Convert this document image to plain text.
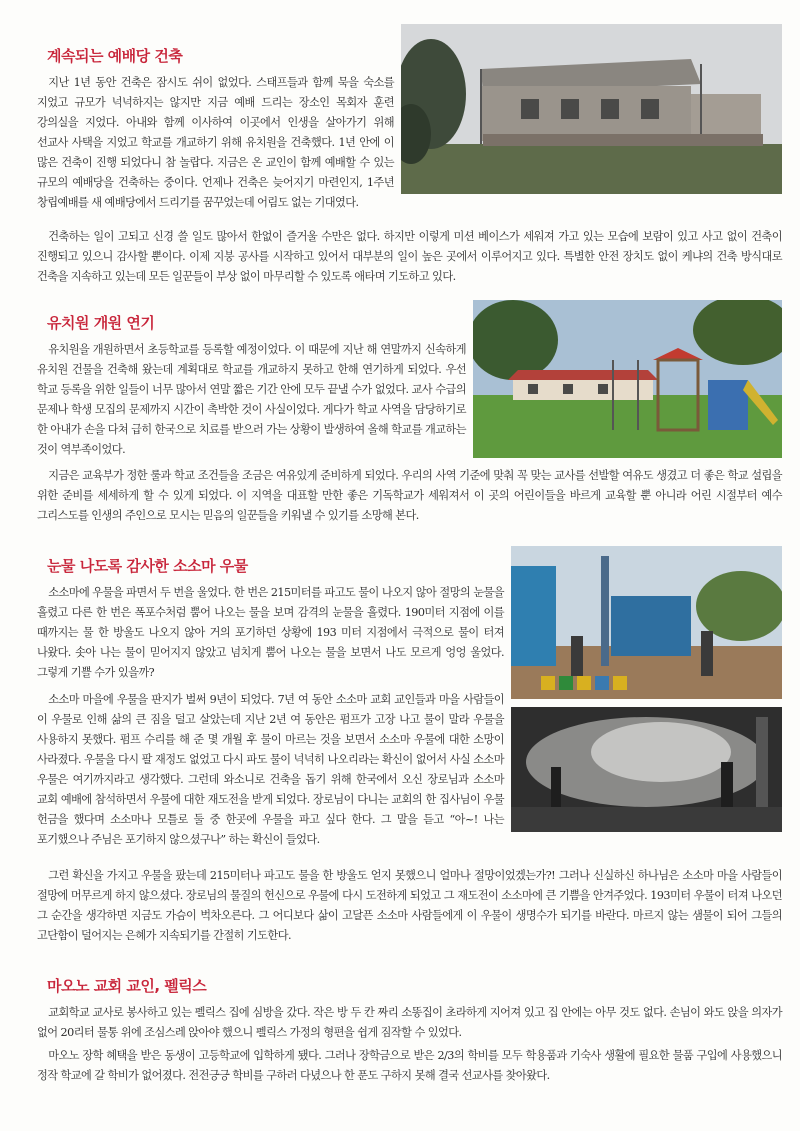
계속되는 예배당 건축

지난 1년 동안 건축은 잠시도 쉬이 없었다. 스태프들과 함께 묵을 숙소를 지었고 규모가 넉넉하지는 않지만 지금 예배 드리는 장소인 목회자 훈련 강의실을 지었다. 아내와 함께 이사하여 이곳에서 인생을 살아가기 위해 선교사 사택을 지었고 학교를 개교하기 위해 유치원을 건축했다. 1년 안에 이 많은 건축이 진행 되었다니 참 놀랍다. 지금은 온 교인이 함께 예배할 수 있는 규모의 예배당을 건축하는 중이다. 언제나 건축은 늦어지기 마련인지, 1주년 창립예배를 새 예배당에서 드리기를 꿈꾸었는데 어림도 없는 기대였다.

건축하는 일이 고되고 신경 쓸 일도 많아서 한없이 즐거울 수만은 없다. 하지만 이렇게 미션 베이스가 세워져 가고 있는 모습에 보람이 있고 사고 없이 건축이 진행되고 있으니 감사할 뿐이다. 이제 지붕 공사를 시작하고 있어서 대부분의 일이 높은 곳에서 이루어지고 있다. 특별한 안전 장치도 없이 케냐의 건축 방식대로 건축을 지속하고 있는데 모든 일꾼들이 부상 없이 마무리할 수 있도록 애타며 기도하고 있다.

유치원 개원 연기

유치원을 개원하면서 초등학교를 등록할 예정이었다. 이 때문에 지난 해 연말까지 신속하게 유치원 건물을 건축해 왔는데 계획대로 학교를 개교하지 못하고 한해 연기하게 되었다. 우선 학교 등록을 위한 일들이 너무 많아서 연말 짧은 기간 안에 모두 끝낼 수가 없었다. 교사 수급의 문제나 학생 모집의 문제까지 시간이 촉박한 것이 사실이었다. 게다가 학교 사역을 담당하기로 한 아내가 손을 다쳐 급히 한국으로 치료를 받으러 가는 상황이 발생하여 올해 학교를 개교하는 것이 역부족이었다.

지금은 교육부가 정한 룰과 학교 조건들을 조금은 여유있게 준비하게 되었다. 우리의 사역 기준에 맞춰 꼭 맞는 교사를 선발할 여유도 생겼고 더 좋은 학교 설립을 위한 준비를 세세하게 할 수 있게 되었다. 이 지역을 대표할 만한 좋은 기독학교가 세워져서 이 곳의 어린이들을 바르게 교육할 뿐 아니라 어린 시절부터 예수 그리스도를 인생의 주인으로 모시는 믿음의 일꾼들을 키워낼 수 있기를 소망해 본다.

눈물 나도록 감사한 소소마 우물

소소마에 우물을 파면서 두 번을 울었다. 한 번은 215미터를 파고도 물이 나오지 않아 절망의 눈물을 흘렸고 다른 한 번은 폭포수처럼 뿜어 나오는 물을 보며 감격의 눈물을 흘렸다. 190미터 지점에 이를 때까지는 물 한 방울도 나오지 않아 거의 포기하던 상황에 193 미터 지점에서 극적으로 물이 터져 나왔다. 솟아 나는 물이 믿어지지 않았고 넘치게 뿜어 나오는 물을 보면서 나도 모르게 엉엉 울었다. 그렇게 기쁠 수가 있을까?

소소마 마을에 우물을 판지가 벌써 9년이 되었다. 7년 여 동안 소소마 교회 교인들과 마을 사람들이 이 우물로 인해 삶의 큰 짐을 덜고 살았는데 지난 2년 여 동안은 펌프가 고장 나고 물이 말라 우물을 사용하지 못했다. 펌프 수리를 해 준 몇 개월 후 물이 마르는 것을 보면서 소소마 우물에 대한 소망이 사라졌다. 우물을 다시 팔 재정도 없었고 다시 파도 물이 넉넉히 나오리라는 확신이 없어서 사실 소소마 우물은 여기까지라고 생각했다. 그런데 와소니로 건축을 돕기 위해 한국에서 오신 장로님과 소소마 교회 예배에 참석하면서 우물에 대한 재도전을 받게 되었다. 장로님이 다니는 교회의 한 집사님이 우물 헌금을 했다며 소소마나 모틀로 둘 중 한곳에 우물을 파고 싶다 한다. 그 말을 듣고 “아~! 나는 포기했으나 주님은 포기하지 않으셨구나” 하는 확신이 들었다.

그런 확신을 가지고 우물을 팠는데 215미터나 파고도 물을 한 방울도 얻지 못했으니 얼마나 절망이었겠는가?! 그러나 신실하신 하나님은 소소마 마을 사람들이 절망에 머무르게 하지 않으셨다. 장로님의 물질의 헌신으로 우물에 다시 도전하게 되었고 그 재도전이 소소마에 큰 기쁨을 안겨주었다. 193미터 우물이 터져 나오던 그 순간을 생각하면 지금도 가슴이 벅차오른다. 그 어디보다 삶이 고달픈 소소마 사람들에게 이 우물이 생명수가 되기를 바란다. 마르지 않는 샘물이 되어 그들의 고단함이 덜어지는 은혜가 지속되기를 간절히 기도한다.

마오노 교회 교인, 펠릭스

교회학교 교사로 봉사하고 있는 펠릭스 집에 심방을 갔다. 작은 방 두 칸 짜리 소똥집이 초라하게 지어져 있고 집 안에는 아무 것도 없다. 손님이 와도 앉을 의자가 없어 20리터 물통 위에 조심스레 앉아야 했으니 펠릭스 가정의 형편을 쉽게 짐작할 수 있었다.

마오노 장학 혜택을 받은 동생이 고등학교에 입학하게 됐다. 그러나 장학금으로 받은 2/3의 학비를 모두 학용품과 기숙사 생활에 필요한 물품 구입에 사용했으니 정작 학교에 갈 학비가 없어졌다. 전전긍긍 학비를 구하러 다녔으나 한 푼도 구하지 못해 결국 선교사를 찾아왔다.
